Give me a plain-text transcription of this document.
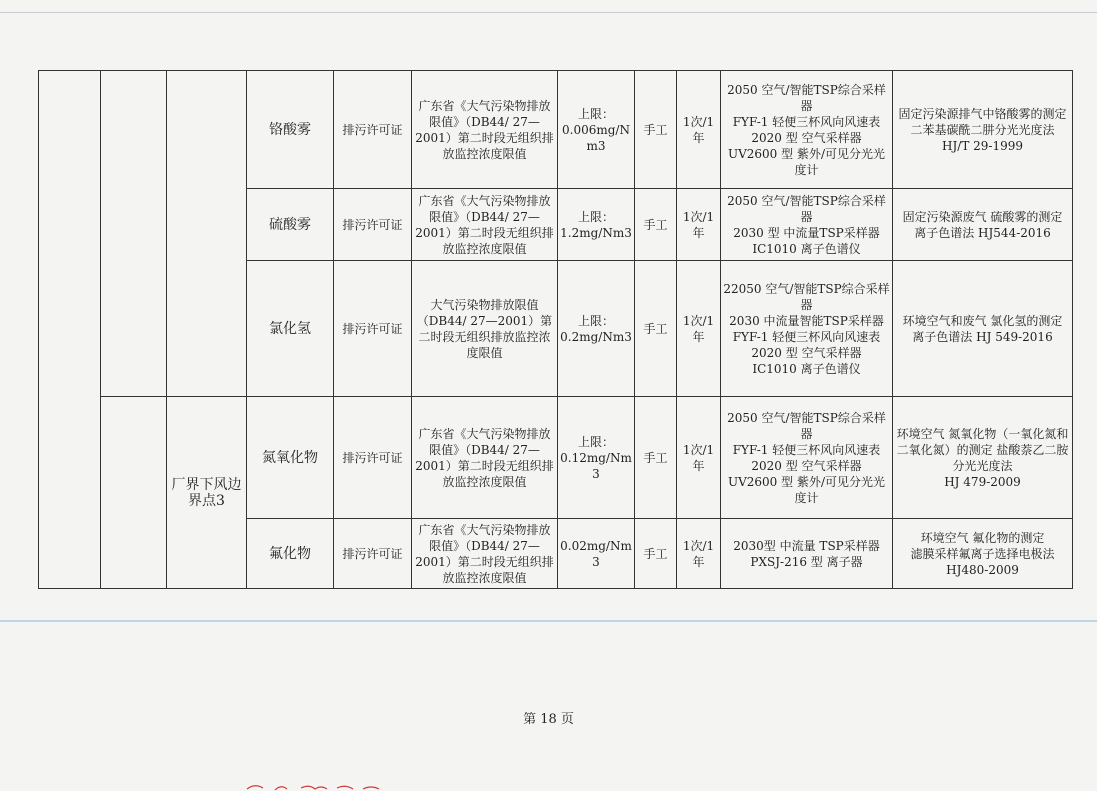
			铬酸雾	排污许可证	广东省《大气污染物排放限值》（DB44/ 27—2001）第二时段无组织排放监控浓度限值	上限：
0.006mg/N
m3	手工	1次/1
年	2050 空气/智能TSP综合采样器
FYF-1 轻便三杯风向风速表
2020 型 空气采样器
UV2600 型 紫外/可见分光光度计	固定污染源排气中铬酸雾的测定
二苯基碳酰二肼分光光度法 HJ/T 29-1999
			硫酸雾	排污许可证	广东省《大气污染物排放限值》（DB44/ 27—2001）第二时段无组织排放监控浓度限值	上限：
1.2mg/Nm3	手工	1次/1
年	2050 空气/智能TSP综合采样器
2030 型 中流量TSP采样器
IC1010 离子色谱仪	固定污染源废气 硫酸雾的测定
离子色谱法 HJ544-2016
			氯化氢	排污许可证	大气污染物排放限值（DB44/ 27—2001）第二时段无组织排放监控浓度限值	上限：
0.2mg/Nm3	手工	1次/1
年	22050 空气/智能TSP综合采样器
2030 中流量智能TSP采样器
FYF-1 轻便三杯风向风速表
2020 型 空气采样器
IC1010 离子色谱仪	环境空气和废气 氯化氢的测定
离子色谱法 HJ 549-2016
		厂界下风边界点3	氮氧化物	排污许可证	广东省《大气污染物排放限值》（DB44/ 27—2001）第二时段无组织排放监控浓度限值	上限：
0.12mg/Nm
3	手工	1次/1
年	2050 空气/智能TSP综合采样器
FYF-1 轻便三杯风向风速表
2020 型 空气采样器
UV2600 型 紫外/可见分光光度计	环境空气 氮氧化物（一氧化氮和二氧化氮）的测定 盐酸萘乙二胺分光光度法
HJ 479-2009
			氟化物	排污许可证	广东省《大气污染物排放限值》（DB44/ 27—2001）第二时段无组织排放监控浓度限值	0.02mg/Nm
3	手工	1次/1
年	2030型 中流量 TSP采样器
PXSJ-216 型 离子器	环境空气 氟化物的测定
滤膜采样氟离子选择电极法HJ480-2009
第 18 页
